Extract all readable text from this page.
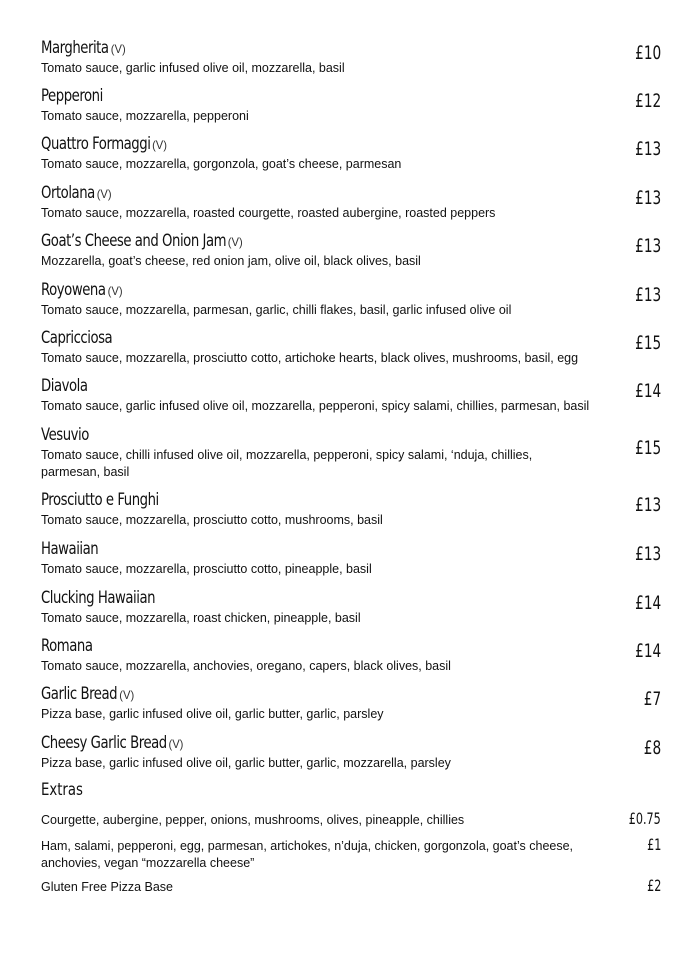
Margherita (V)
Tomato sauce, garlic infused olive oil, mozzarella, basil
£10
Pepperoni
Tomato sauce, mozzarella, pepperoni
£12
Quattro Formaggi (V)
Tomato sauce, mozzarella, gorgonzola, goat’s cheese, parmesan
£13
Ortolana (V)
Tomato sauce, mozzarella, roasted courgette, roasted aubergine, roasted peppers
£13
Goat’s Cheese and Onion Jam (V)
Mozzarella, goat’s cheese, red onion jam, olive oil, black olives, basil
£13
Royowena (V)
Tomato sauce, mozzarella, parmesan, garlic, chilli flakes, basil, garlic infused olive oil
£13
Capricciosa
Tomato sauce, mozzarella, prosciutto cotto, artichoke hearts, black olives, mushrooms, basil, egg
£15
Diavola
Tomato sauce, garlic infused olive oil, mozzarella, pepperoni, spicy salami, chillies, parmesan, basil
£14
Vesuvio
Tomato sauce, chilli infused olive oil, mozzarella, pepperoni, spicy salami, ‘nduja, chillies, parmesan, basil
£15
Prosciutto e Funghi
Tomato sauce, mozzarella, prosciutto cotto, mushrooms, basil
£13
Hawaiian
Tomato sauce, mozzarella, prosciutto cotto, pineapple, basil
£13
Clucking Hawaiian
Tomato sauce, mozzarella, roast chicken, pineapple, basil
£14
Romana
Tomato sauce, mozzarella, anchovies, oregano, capers, black olives, basil
£14
Garlic Bread (V)
Pizza base, garlic infused olive oil, garlic butter, garlic, parsley
£7
Cheesy Garlic Bread (V)
Pizza base, garlic infused olive oil, garlic butter, garlic, mozzarella, parsley
£8
Extras
Courgette, aubergine, pepper, onions, mushrooms, olives, pineapple, chillies	£0.75
Ham, salami, pepperoni, egg, parmesan, artichokes, n’duja, chicken, gorgonzola, goat’s cheese, anchovies, vegan “mozzarella cheese”
£1
Gluten Free Pizza Base	£2
